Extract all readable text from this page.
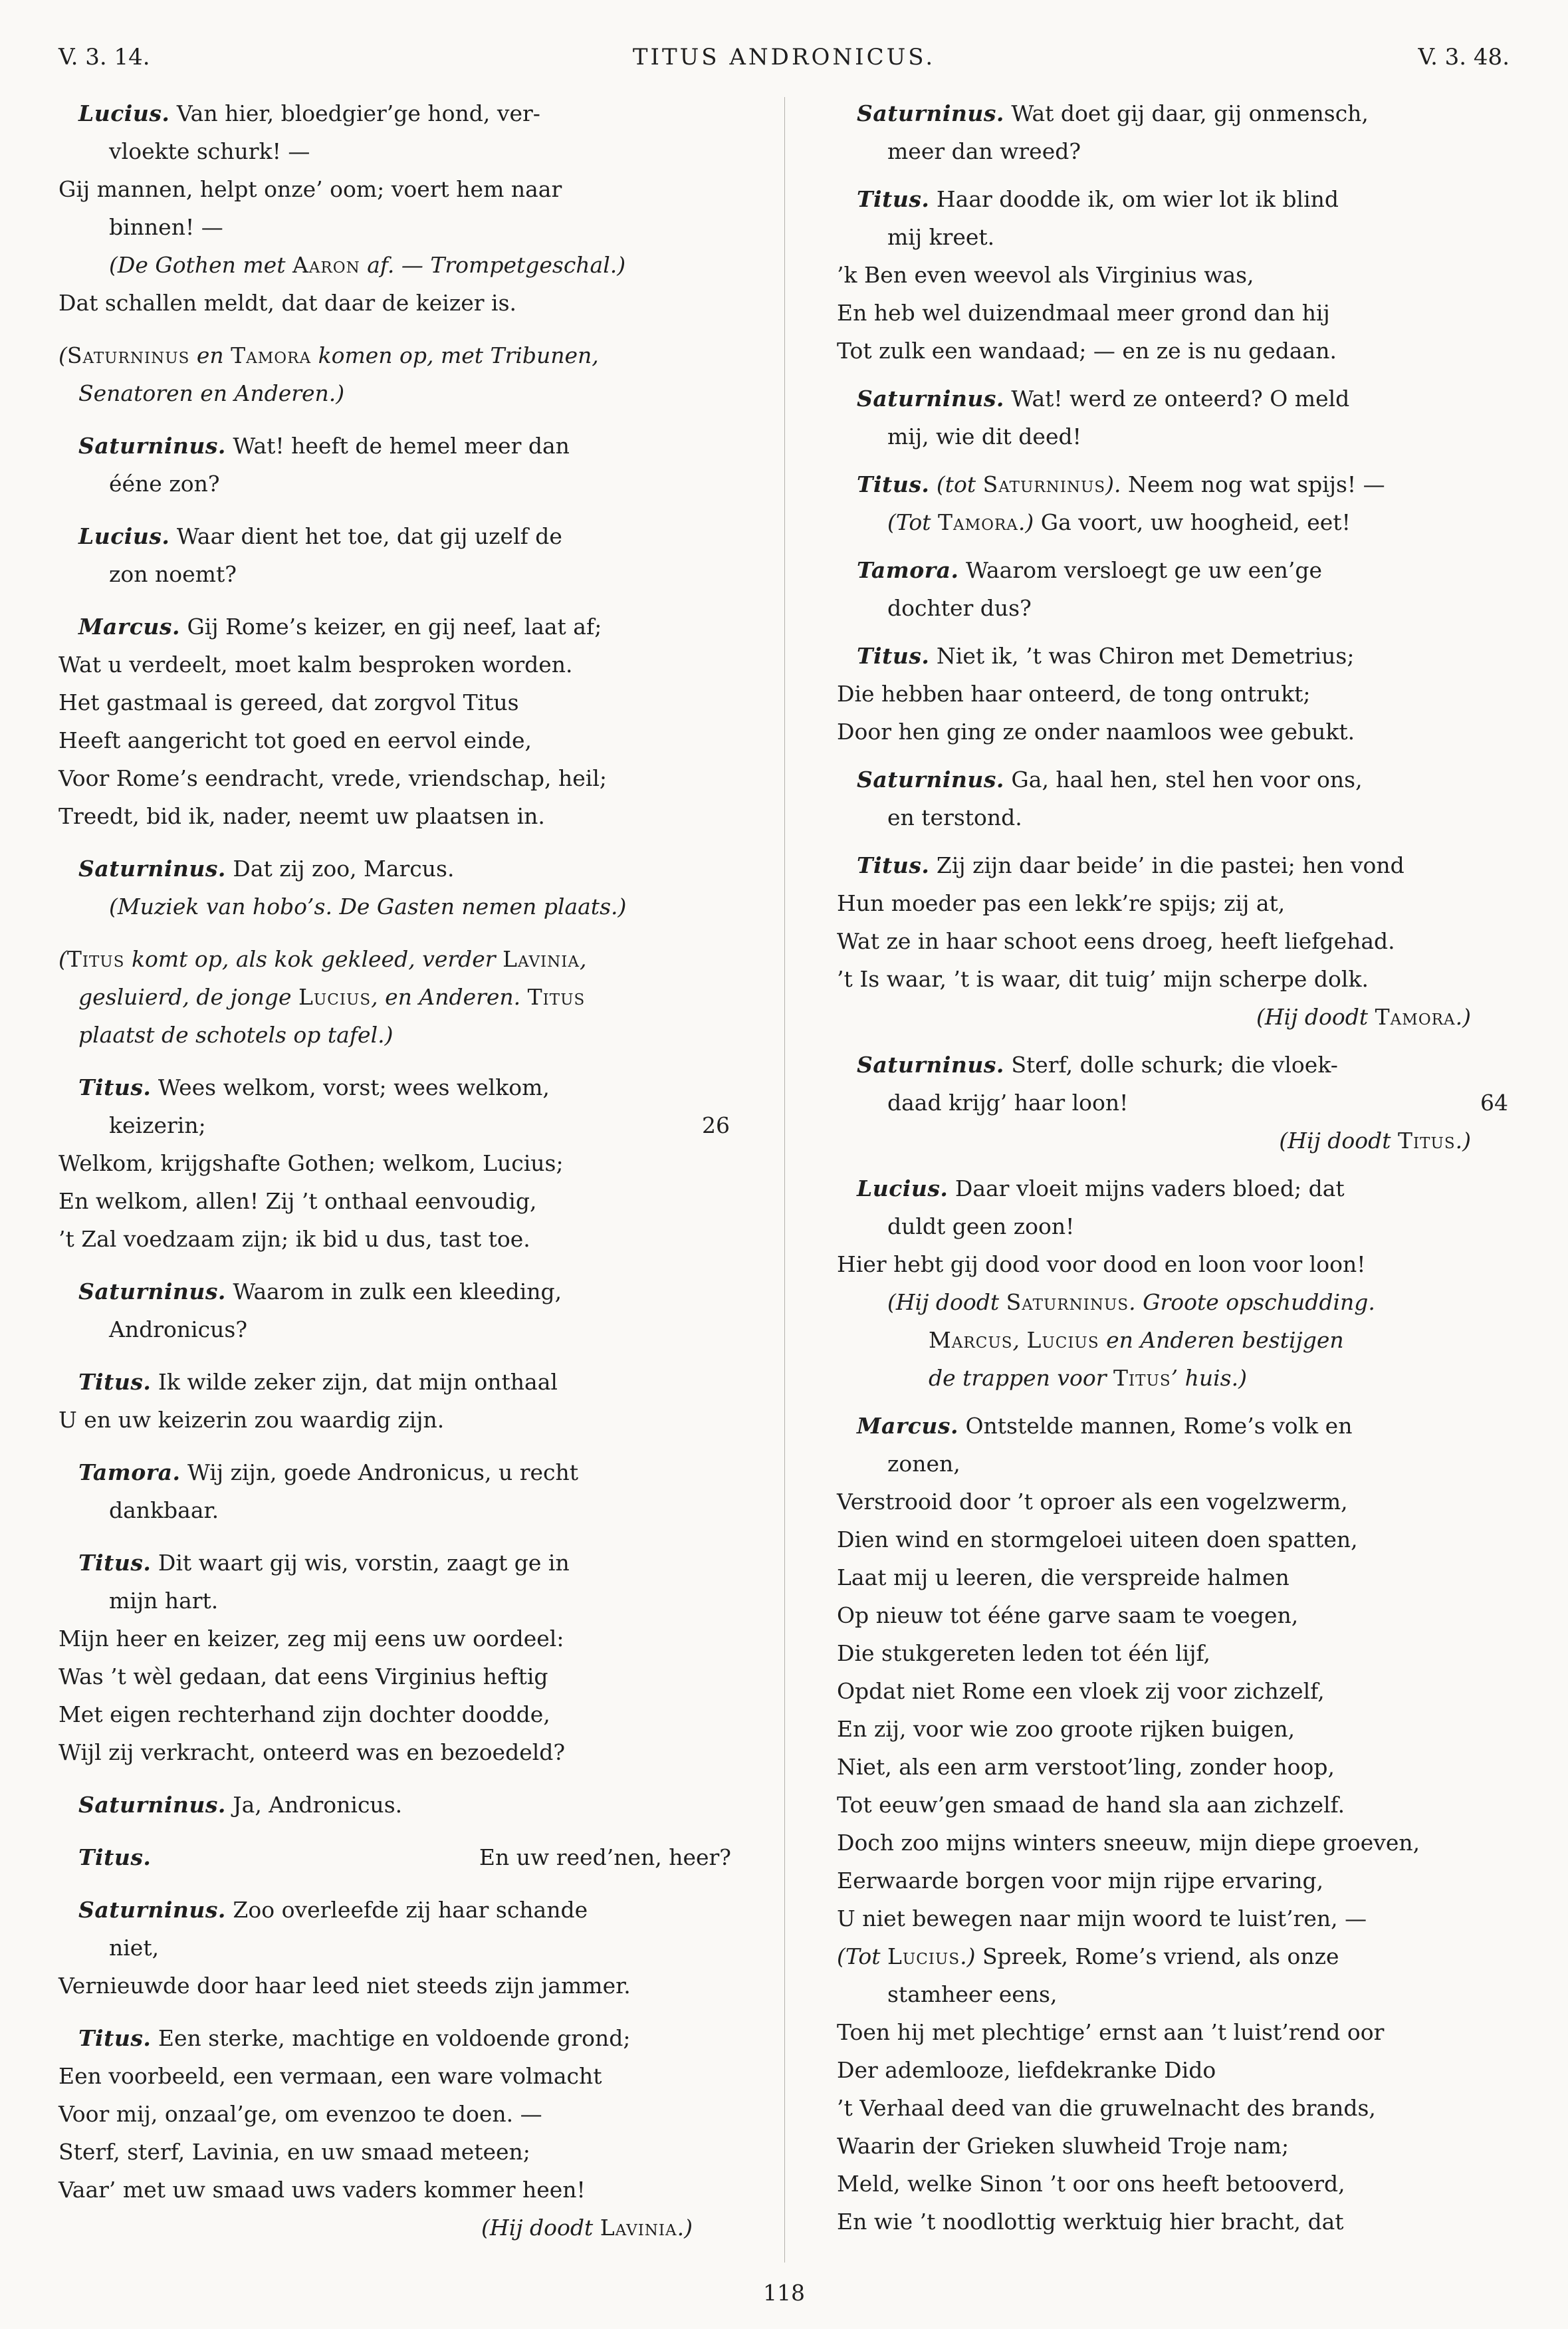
V. 3. 14.	TITUS ANDRONICUS.	V. 3. 48.
Lucius. Van hier, bloedgier’ge hond, ver-
vloekte schurk! —
Gij mannen, helpt onze’ oom; voert hem naar
binnen! —
(De Gothen met Aaron af. — Trompetgeschal.)
Dat schallen meldt, dat daar de keizer is.
(Saturninus en Tamora komen op, met Tribunen,
Senatoren en Anderen.)
Saturninus. Wat! heeft de hemel meer dan
ééne zon?
Lucius. Waar dient het toe, dat gij uzelf de
zon noemt?
Marcus. Gij Rome’s keizer, en gij neef, laat af;
Wat u verdeelt, moet kalm besproken worden.
Het gastmaal is gereed, dat zorgvol Titus
Heeft aangericht tot goed en eervol einde,
Voor Rome’s eendracht, vrede, vriendschap, heil;
Treedt, bid ik, nader, neemt uw plaatsen in.
Saturninus. Dat zij zoo, Marcus.
(Muziek van hobo’s. De Gasten nemen plaats.)
(Titus komt op, als kok gekleed, verder Lavinia,
gesluierd, de jonge Lucius, en Anderen. Titus
plaatst de schotels op tafel.)
Titus. Wees welkom, vorst; wees welkom,
keizerin;	26
Welkom, krijgshafte Gothen; welkom, Lucius;
En welkom, allen! Zij ’t onthaal eenvoudig,
’t Zal voedzaam zijn; ik bid u dus, tast toe.
Saturninus. Waarom in zulk een kleeding,
Andronicus?
Titus. Ik wilde zeker zijn, dat mijn onthaal
U en uw keizerin zou waardig zijn.
Tamora. Wij zijn, goede Andronicus, u recht
dankbaar.
Titus. Dit waart gij wis, vorstin, zaagt ge in
mijn hart.
Mijn heer en keizer, zeg mij eens uw oordeel:
Was ’t wèl gedaan, dat eens Virginius heftig
Met eigen rechterhand zijn dochter doodde,
Wijl zij verkracht, onteerd was en bezoedeld?
Saturninus. Ja, Andronicus.
Titus.	En uw reed’nen, heer?
Saturninus. Zoo overleefde zij haar schande
niet,
Vernieuwde door haar leed niet steeds zijn jammer.
Titus. Een sterke, machtige en voldoende grond;
Een voorbeeld, een vermaan, een ware volmacht
Voor mij, onzaal’ge, om evenzoo te doen. —
Sterf, sterf, Lavinia, en uw smaad meteen;
Vaar’ met uw smaad uws vaders kommer heen!
(Hij doodt Lavinia.)
Saturninus. Wat doet gij daar, gij onmensch,
meer dan wreed?
Titus. Haar doodde ik, om wier lot ik blind
mij kreet.
’k Ben even weevol als Virginius was,
En heb wel duizendmaal meer grond dan hij
Tot zulk een wandaad; — en ze is nu gedaan.
Saturninus. Wat! werd ze onteerd? O meld
mij, wie dit deed!
Titus. (tot Saturninus). Neem nog wat spijs! —
(Tot Tamora.) Ga voort, uw hoogheid, eet!
Tamora. Waarom versloegt ge uw een’ge
dochter dus?
Titus. Niet ik, ’t was Chiron met Demetrius;
Die hebben haar onteerd, de tong ontrukt;
Door hen ging ze onder naamloos wee gebukt.
Saturninus. Ga, haal hen, stel hen voor ons,
en terstond.
Titus. Zij zijn daar beide’ in die pastei; hen vond
Hun moeder pas een lekk’re spijs; zij at,
Wat ze in haar schoot eens droeg, heeft liefgehad.
’t Is waar, ’t is waar, dit tuig’ mijn scherpe dolk.
(Hij doodt Tamora.)
Saturninus. Sterf, dolle schurk; die vloek-
daad krijg’ haar loon!	64
(Hij doodt Titus.)
Lucius. Daar vloeit mijns vaders bloed; dat
duldt geen zoon!
Hier hebt gij dood voor dood en loon voor loon!
(Hij doodt Saturninus. Groote opschudding.
Marcus, Lucius en Anderen bestijgen
de trappen voor Titus’ huis.)
Marcus. Ontstelde mannen, Rome’s volk en
zonen,
Verstrooid door ’t oproer als een vogelzwerm,
Dien wind en stormgeloei uiteen doen spatten,
Laat mij u leeren, die verspreide halmen
Op nieuw tot ééne garve saam te voegen,
Die stukgereten leden tot één lijf,
Opdat niet Rome een vloek zij voor zichzelf,
En zij, voor wie zoo groote rijken buigen,
Niet, als een arm verstoot’ling, zonder hoop,
Tot eeuw’gen smaad de hand sla aan zichzelf.
Doch zoo mijns winters sneeuw, mijn diepe groeven,
Eerwaarde borgen voor mijn rijpe ervaring,
U niet bewegen naar mijn woord te luist’ren, —
(Tot Lucius.) Spreek, Rome’s vriend, als onze
stamheer eens,
Toen hij met plechtige’ ernst aan ’t luist’rend oor
Der ademlooze, liefdekranke Dido
’t Verhaal deed van die gruwelnacht des brands,
Waarin der Grieken sluwheid Troje nam;
Meld, welke Sinon ’t oor ons heeft betooverd,
En wie ’t noodlottig werktuig hier bracht, dat
118
